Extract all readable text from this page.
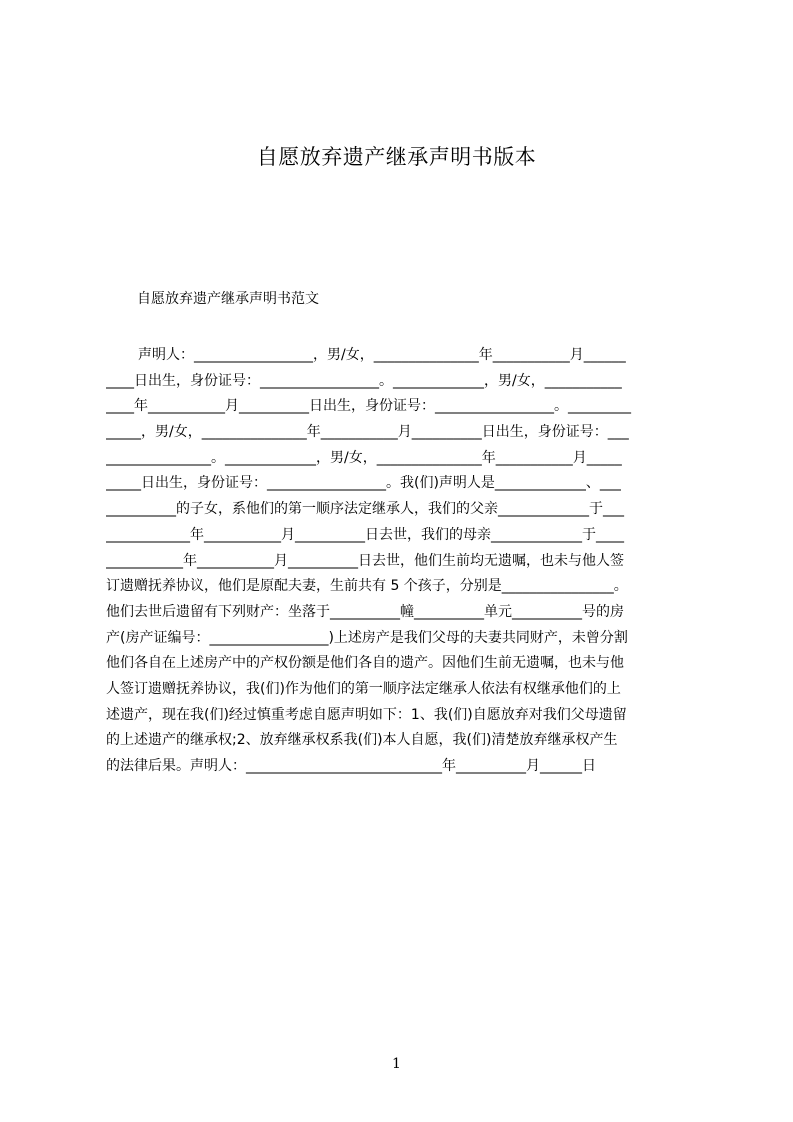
自愿放弃遗产继承声明书版本

自愿放弃遗产继承声明书范文

声明人：_________________，男/女，_______________年___________月______
____日出生，身份证号：_________________。_____________，男/女，___________
____年___________月__________日出生，身份证号：_________________。_________
_____，男/女，_______________年___________月__________日出生，身份证号：___
_______________。_____________，男/女，_______________年___________月_____
_____日出生，身份证号：_________________。我(们)声明人是_____________、___
__________的子女，系他们的第一顺序法定继承人，我们的父亲_____________于___
____________年___________月__________日去世，我们的母亲_____________于____
___________年___________月__________日去世，他们生前均无遗嘱，也未与他人签
订遗赠抚养协议，他们是原配夫妻，生前共有 5 个孩子，分别是________________。
他们去世后遗留有下列财产：坐落于__________幢__________单元__________号的房
产(房产证编号：_________________)上述房产是我们父母的夫妻共同财产，未曾分割
他们各自在上述房产中的产权份额是他们各自的遗产。因他们生前无遗嘱，也未与他
人签订遗赠抚养协议，我(们)作为他们的第一顺序法定继承人依法有权继承他们的上
述遗产，现在我(们)经过慎重考虑自愿声明如下：1、我(们)自愿放弃对我们父母遗留
的上述遗产的继承权;2、放弃继承权系我(们)本人自愿，我(们)清楚放弃继承权产生
的法律后果。声明人：____________________________年__________月______日
1
